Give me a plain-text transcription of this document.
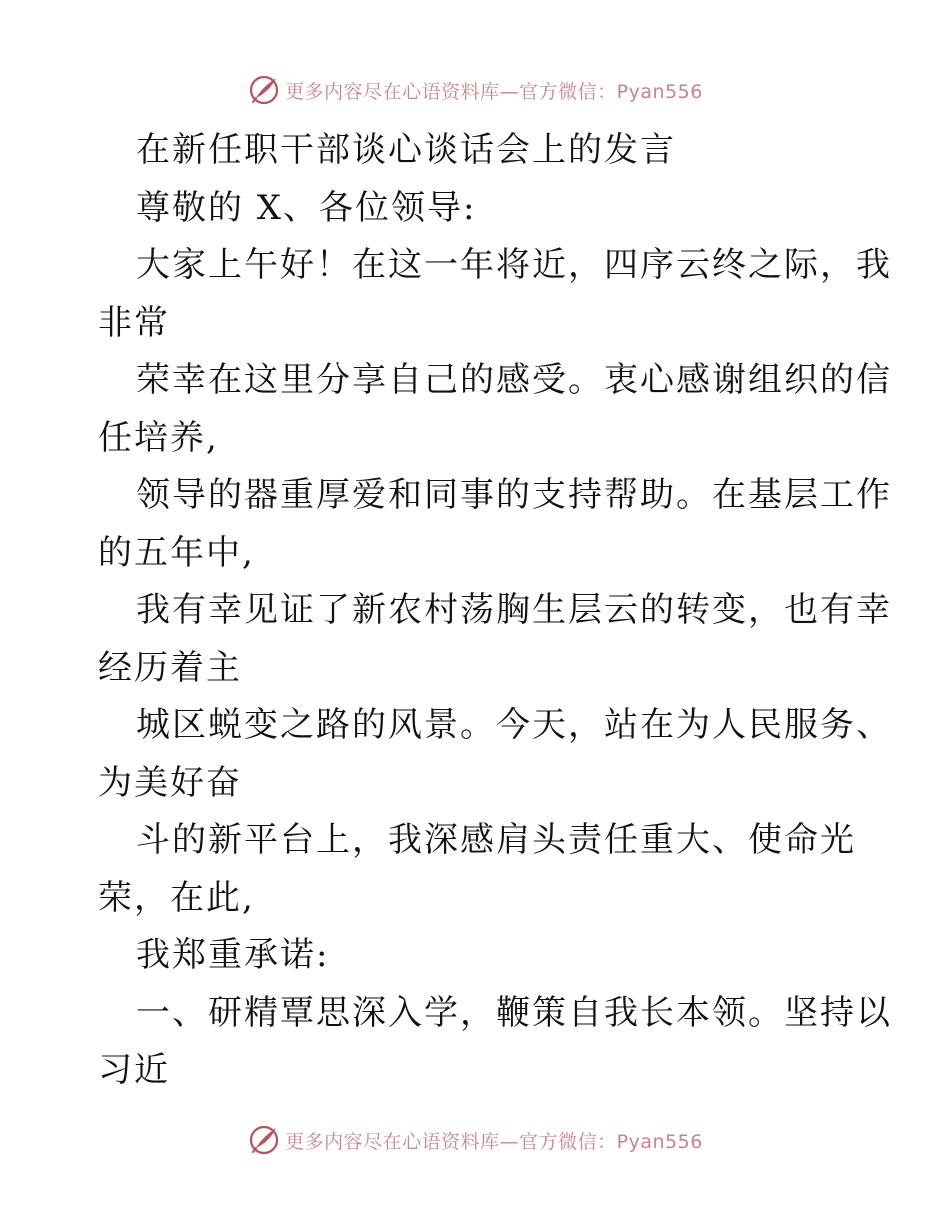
更多内容尽在心语资料库—官方微信：Pyan556
在新任职干部谈心谈话会上的发言
尊敬的 X、各位领导:
大家上午好！在这一年将近，四序云终之际，我
非常
荣幸在这里分享自己的感受。衷心感谢组织的信
任培养,
领导的器重厚爱和同事的支持帮助。在基层工作
的五年中,
我有幸见证了新农村荡胸生层云的转变，也有幸
经历着主
城区蜕变之路的风景。今天，站在为人民服务、
为美好奋
斗的新平台上，我深感肩头责任重大、使命光
荣，在此,
我郑重承诺:
一、研精覃思深入学，鞭策自我长本领。坚持以
习近
更多内容尽在心语资料库—官方微信：Pyan556
